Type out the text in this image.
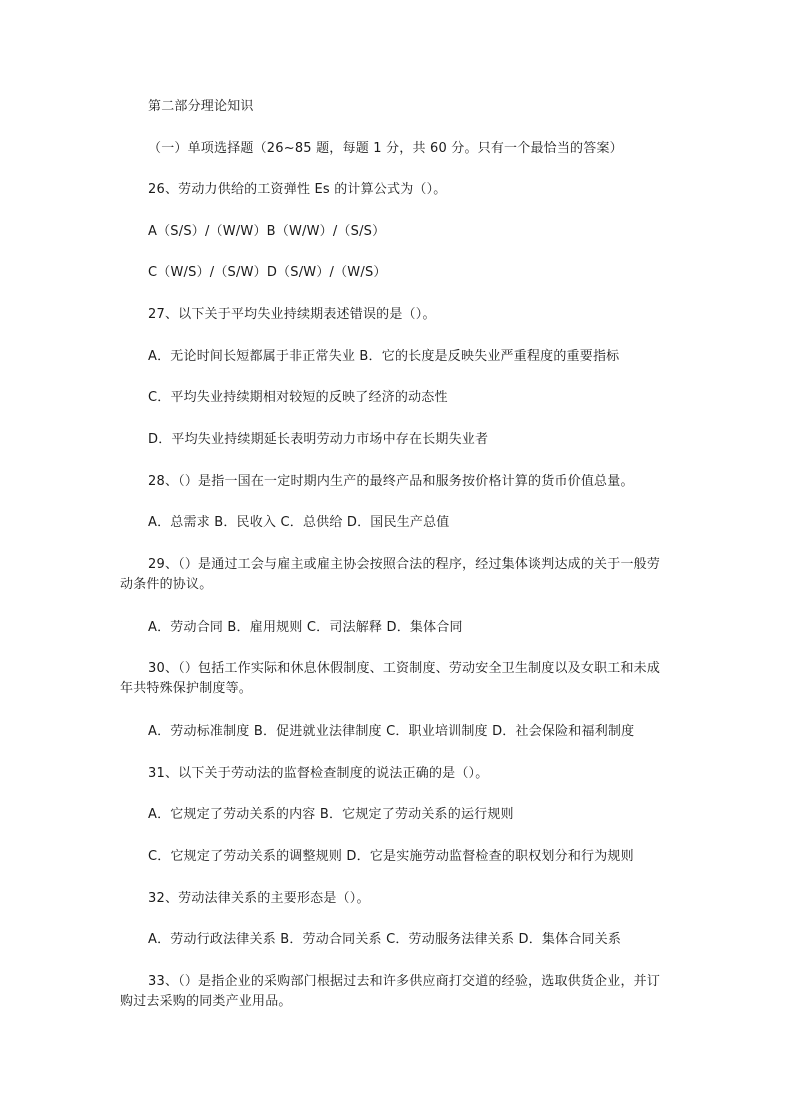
第二部分理论知识
（一）单项选择题（26~85 题，每题 1 分，共 60 分。只有一个最恰当的答案）
26、劳动力供给的工资弹性 Es 的计算公式为（）。
A（S/S）/（W/W）B（W/W）/（S/S）
C（W/S）/（S/W）D（S/W）/（W/S）
27、以下关于平均失业持续期表述错误的是（）。
A．无论时间长短都属于非正常失业 B．它的长度是反映失业严重程度的重要指标
C．平均失业持续期相对较短的反映了经济的动态性
D．平均失业持续期延长表明劳动力市场中存在长期失业者
28、（）是指一国在一定时期内生产的最终产品和服务按价格计算的货币价值总量。
A．总需求 B．民收入 C．总供给 D．国民生产总值
29、（）是通过工会与雇主或雇主协会按照合法的程序，经过集体谈判达成的关于一般劳动条件的协议。
A．劳动合同 B．雇用规则 C．司法解释 D．集体合同
30、（）包括工作实际和休息休假制度、工资制度、劳动安全卫生制度以及女职工和未成年共特殊保护制度等。
A．劳动标准制度 B．促进就业法律制度 C．职业培训制度 D．社会保险和福利制度
31、以下关于劳动法的监督检查制度的说法正确的是（）。
A．它规定了劳动关系的内容 B．它规定了劳动关系的运行规则
C．它规定了劳动关系的调整规则 D．它是实施劳动监督检查的职权划分和行为规则
32、劳动法律关系的主要形态是（）。
A．劳动行政法律关系 B．劳动合同关系 C．劳动服务法律关系 D．集体合同关系
33、（）是指企业的采购部门根据过去和许多供应商打交道的经验，选取供货企业，并订购过去采购的同类产业用品。
